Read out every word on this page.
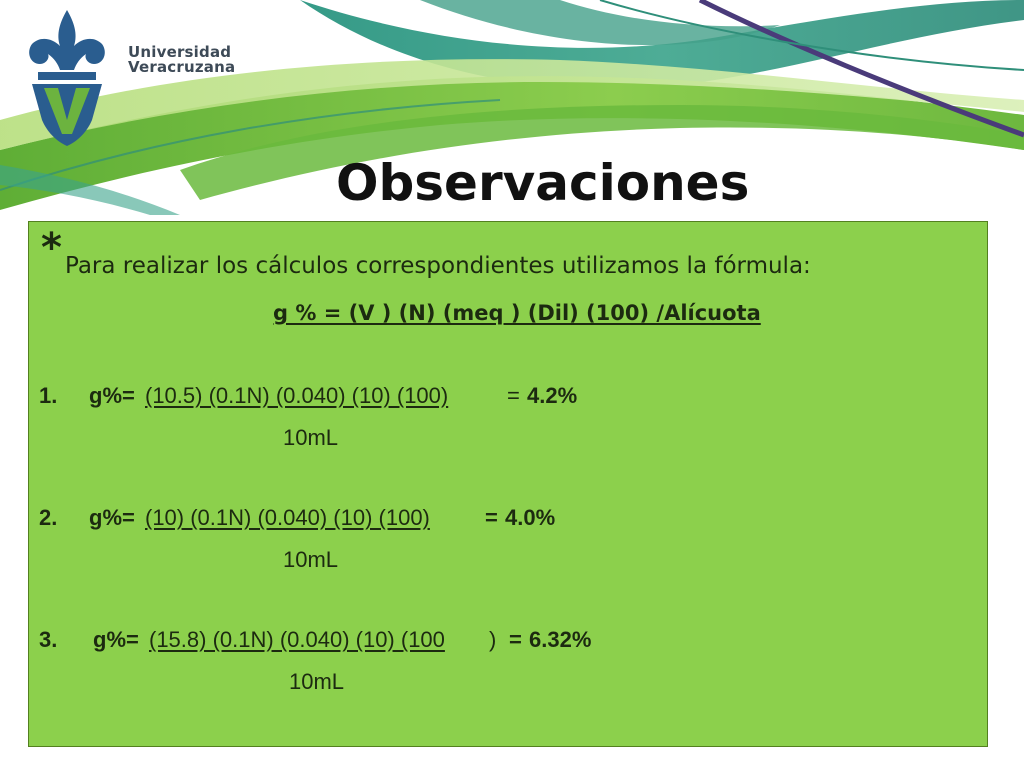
Universidad
Veracruzana
Observaciones
* Para realizar los cálculos correspondientes utilizamos la fórmula:
g % = (V ) (N) (meq ) (Dil) (100) /Alícuota
1.	g%= (10.5) (0.1N) (0.040) (10) (100)	= 4.2%
10mL
2.	g%= (10) (0.1N) (0.040) (10) (100)	= 4.0%
10mL
3.	g%= (15.8) (0.1N) (0.040) (10) (100 ) = 6.32%
10mL
